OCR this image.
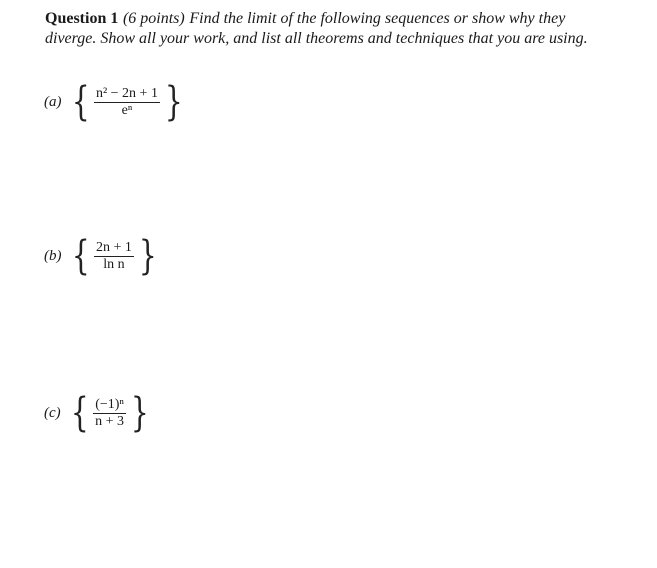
Question 1 (6 points) Find the limit of the following sequences or show why they diverge. Show all your work, and list all theorems and techniques that you are using.
(a) { $\frac{\text{n² − 2n + 1}}{\text{eⁿ}}$ }
(b) { $\frac{2n + 1}{\text{ln n}}$ }
(c) { $\frac{\text{(−1)ⁿ}}{n + 3}$ }
